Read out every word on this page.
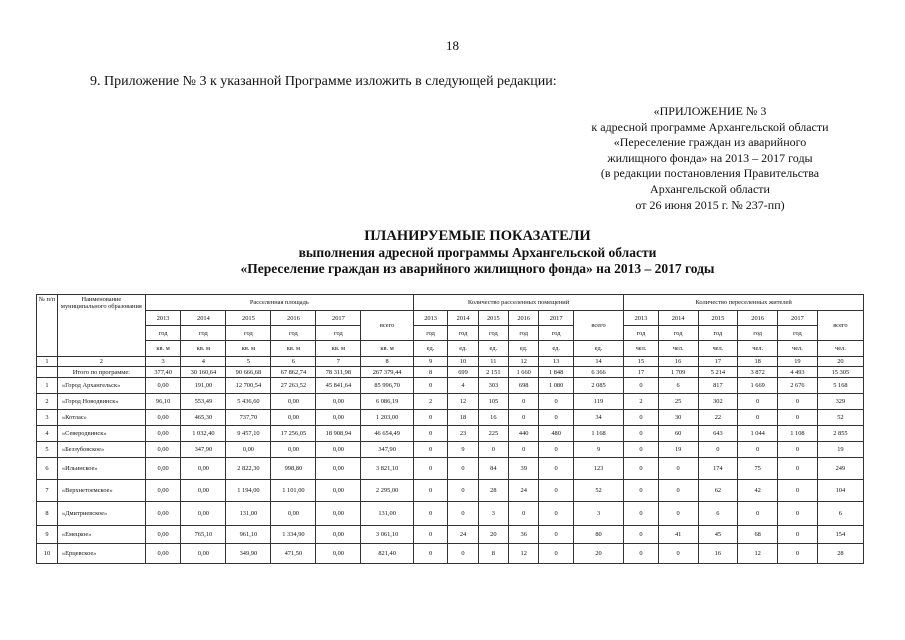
18
9. Приложение № 3 к указанной Программе изложить в следующей редакции:
«ПРИЛОЖЕНИЕ № 3
к адресной программе Архангельской области
«Переселение граждан из аварийного
жилищного фонда» на 2013 – 2017 годы
(в редакции постановления Правительства
Архангельской области
от 26 июня 2015 г. № 237-пп)
ПЛАНИРУЕМЫЕ ПОКАЗАТЕЛИ
выполнения адресной программы Архангельской области
«Переселение граждан из аварийного жилищного фонда» на 2013 – 2017 годы
№ п/п	Наименование муниципального образования	Расселенная площадь						Количество расселенных помещений						Количество переселенных жителей					
		2013	2014	2015	2016	2017	всего	2013	2014	2015	2016	2017	всего	2013	2014	2015	2016	2017	всего
		год	год	год	год	год		год	год	год	год	год		год	год	год	год	год	
		кв. м	кв. м	кв. м	кв. м	кв. м	кв. м	ед.	ед.	ед.	ед.	ед.	ед.	чел.	чел.	чел.	чел.	чел.	чел.
1	2	3	4	5	6	7	8	9	10	11	12	13	14	15	16	17	18	19	20
	Итого по программе:	377,40	30 160,64	90 666,68	67 862,74	78 311,98	267 379,44	8	699	2 151	1 660	1 848	6 366	17	1 709	5 214	3 872	4 493	15 305
1	«Город Архангельск»	0,00	191,00	12 700,54	27 263,52	45 841,64	85 996,70	0	4	303	698	1 080	2 085	0	6	817	1 669	2 676	5 168
2	«Город Новодвинск»	96,10	553,49	5 436,60	0,00	0,00	6 086,19	2	12	105	0	0	119	2	25	302	0	0	329
3	«Котлас»	0,00	465,30	737,70	0,00	0,00	1 203,00	0	18	16	0	0	34	0	30	22	0	0	52
4	«Северодвинск»	0,00	1 032,40	9 457,10	17 256,05	18 908,94	46 654,49	0	23	225	440	480	1 168	0	60	643	1 044	1 108	2 855
5	«Беззубовское»	0,00	347,90	0,00	0,00	0,00	347,90	0	9	0	0	0	9	0	19	0	0	0	19
6	«Ильинское»	0,00	0,00	2 822,30	998,80	0,00	3 821,10	0	0	84	39	0	123	0	0	174	75	0	249
7	«Верхнетоемское»	0,00	0,00	1 194,00	1 101,00	0,00	2 295,00	0	0	28	24	0	52	0	0	62	42	0	104
8	«Дмитриевское»	0,00	0,00	131,00	0,00	0,00	131,00	0	0	3	0	0	3	0	0	6	0	0	6
9	«Емецкое»	0,00	765,10	961,10	1 334,90	0,00	3 061,10	0	24	20	36	0	80	0	41	45	68	0	154
10	«Ерцевское»	0,00	0,00	349,90	471,50	0,00	821,40	0	0	8	12	0	20	0	0	16	12	0	28
